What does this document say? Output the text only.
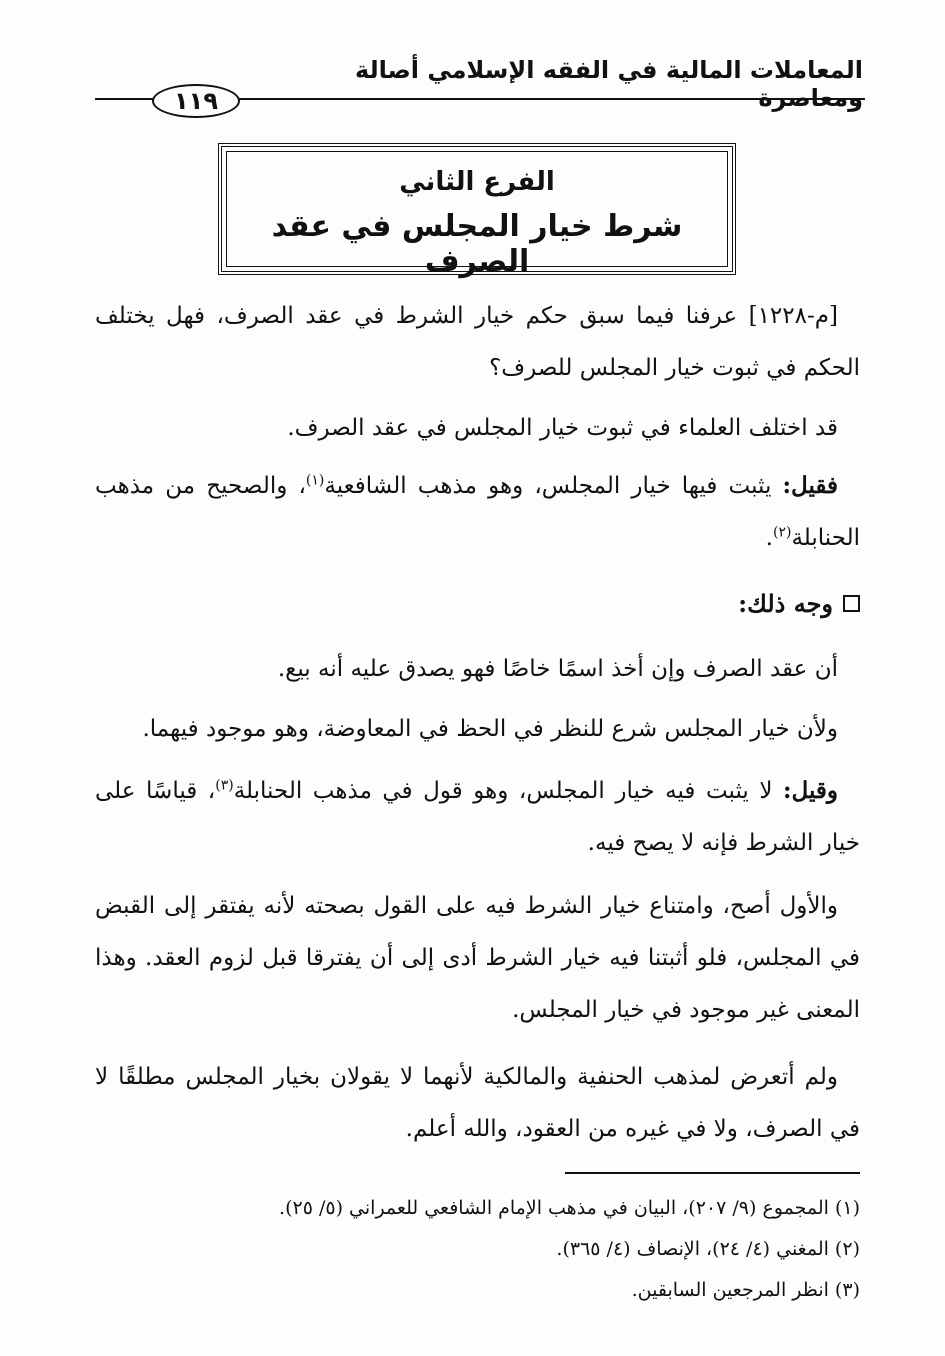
المعاملات المالية في الفقه الإسلامي أصالة ومعاصرة
١١٩
الفرع الثاني
شرط خيار المجلس في عقد الصرف
[م-١٢٢٨] عرفنا فيما سبق حكم خيار الشرط في عقد الصرف، فهل يختلف الحكم في ثبوت خيار المجلس للصرف؟
قد اختلف العلماء في ثبوت خيار المجلس في عقد الصرف.
فقيل: يثبت فيها خيار المجلس، وهو مذهب الشافعية$^{(١)}$، والصحيح من مذهب الحنابلة$^{(٢)}$.
وجه ذلك:
أن عقد الصرف وإن أخذ اسمًا خاصًا فهو يصدق عليه أنه بيع.
ولأن خيار المجلس شرع للنظر في الحظ في المعاوضة، وهو موجود فيهما.
وقيل: لا يثبت فيه خيار المجلس، وهو قول في مذهب الحنابلة$^{(٣)}$، قياسًا على خيار الشرط فإنه لا يصح فيه.
والأول أصح، وامتناع خيار الشرط فيه على القول بصحته لأنه يفتقر إلى القبض في المجلس، فلو أثبتنا فيه خيار الشرط أدى إلى أن يفترقا قبل لزوم العقد. وهذا المعنى غير موجود في خيار المجلس.
ولم أتعرض لمذهب الحنفية والمالكية لأنهما لا يقولان بخيار المجلس مطلقًا لا في الصرف، ولا في غيره من العقود، والله أعلم.
(١) المجموع (٩/ ٢٠٧)، البيان في مذهب الإمام الشافعي للعمراني (٥/ ٢٥).
(٢) المغني (٤/ ٢٤)، الإنصاف (٤/ ٣٦٥).
(٣) انظر المرجعين السابقين.
